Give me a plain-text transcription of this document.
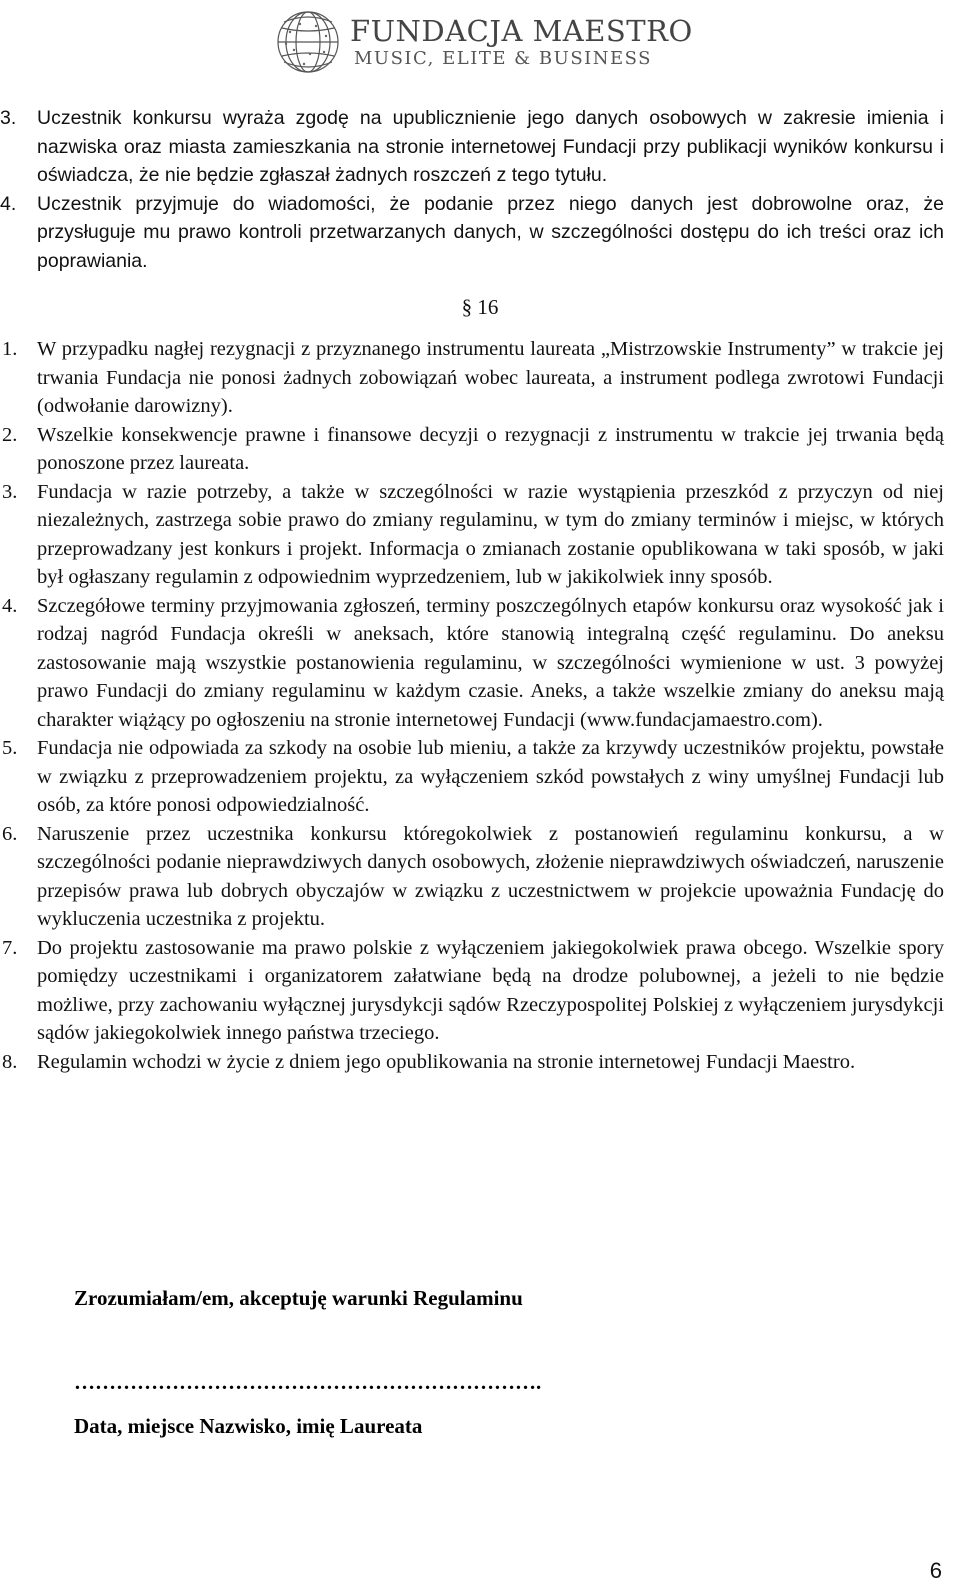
FUNDACJA MAESTRO
MUSIC, ELITE & BUSINESS
3. Uczestnik konkursu wyraża zgodę na upublicznienie jego danych osobowych w zakresie imienia i nazwiska oraz miasta zamieszkania na stronie internetowej Fundacji przy publikacji wyników konkursu i oświadcza, że nie będzie zgłaszał żadnych roszczeń z tego tytułu.
4. Uczestnik przyjmuje do wiadomości, że podanie przez niego danych jest dobrowolne oraz, że przysługuje mu prawo kontroli przetwarzanych danych, w szczególności dostępu do ich treści oraz ich poprawiania.
§ 16
1. W przypadku nagłej rezygnacji z przyznanego instrumentu laureata „Mistrzowskie Instrumenty” w trakcie jej trwania Fundacja nie ponosi żadnych zobowiązań wobec laureata, a instrument podlega zwrotowi Fundacji (odwołanie darowizny).
2. Wszelkie konsekwencje prawne i finansowe decyzji o rezygnacji z instrumentu w trakcie jej trwania będą ponoszone przez laureata.
3. Fundacja w razie potrzeby, a także w szczególności w razie wystąpienia przeszkód z przyczyn od niej niezależnych, zastrzega sobie prawo do zmiany regulaminu, w tym do zmiany terminów i miejsc, w których przeprowadzany jest konkurs i projekt. Informacja o zmianach zostanie opublikowana w taki sposób, w jaki był ogłaszany regulamin z odpowiednim wyprzedzeniem, lub w jakikolwiek inny sposób.
4. Szczegółowe terminy przyjmowania zgłoszeń, terminy poszczególnych etapów konkursu oraz wysokość jak i rodzaj nagród Fundacja określi w aneksach, które stanowią integralną część regulaminu. Do aneksu zastosowanie mają wszystkie postanowienia regulaminu, w szczególności wymienione w ust. 3 powyżej prawo Fundacji do zmiany regulaminu w każdym czasie. Aneks, a także wszelkie zmiany do aneksu mają charakter wiążący po ogłoszeniu na stronie internetowej Fundacji (www.fundacjamaestro.com).
5. Fundacja nie odpowiada za szkody na osobie lub mieniu, a także za krzywdy uczestników projektu, powstałe w związku z przeprowadzeniem projektu, za wyłączeniem szkód powstałych z winy umyślnej Fundacji lub osób, za które ponosi odpowiedzialność.
6. Naruszenie przez uczestnika konkursu któregokolwiek z postanowień regulaminu konkursu, a w szczególności podanie nieprawdziwych danych osobowych, złożenie nieprawdziwych oświadczeń, naruszenie przepisów prawa lub dobrych obyczajów w związku z uczestnictwem w projekcie upoważnia Fundację do wykluczenia uczestnika z projektu.
7. Do projektu zastosowanie ma prawo polskie z wyłączeniem jakiegokolwiek prawa obcego. Wszelkie spory pomiędzy uczestnikami i organizatorem załatwiane będą na drodze polubownej, a jeżeli to nie będzie możliwe, przy zachowaniu wyłącznej jurysdykcji sądów Rzeczypospolitej Polskiej z wyłączeniem jurysdykcji sądów jakiegokolwiek innego państwa trzeciego.
8. Regulamin wchodzi w życie z dniem jego opublikowania na stronie internetowej Fundacji Maestro.
Zrozumiałam/em, akceptuję warunki Regulaminu
………………………………………………………….
Data, miejsce Nazwisko, imię Laureata
6
